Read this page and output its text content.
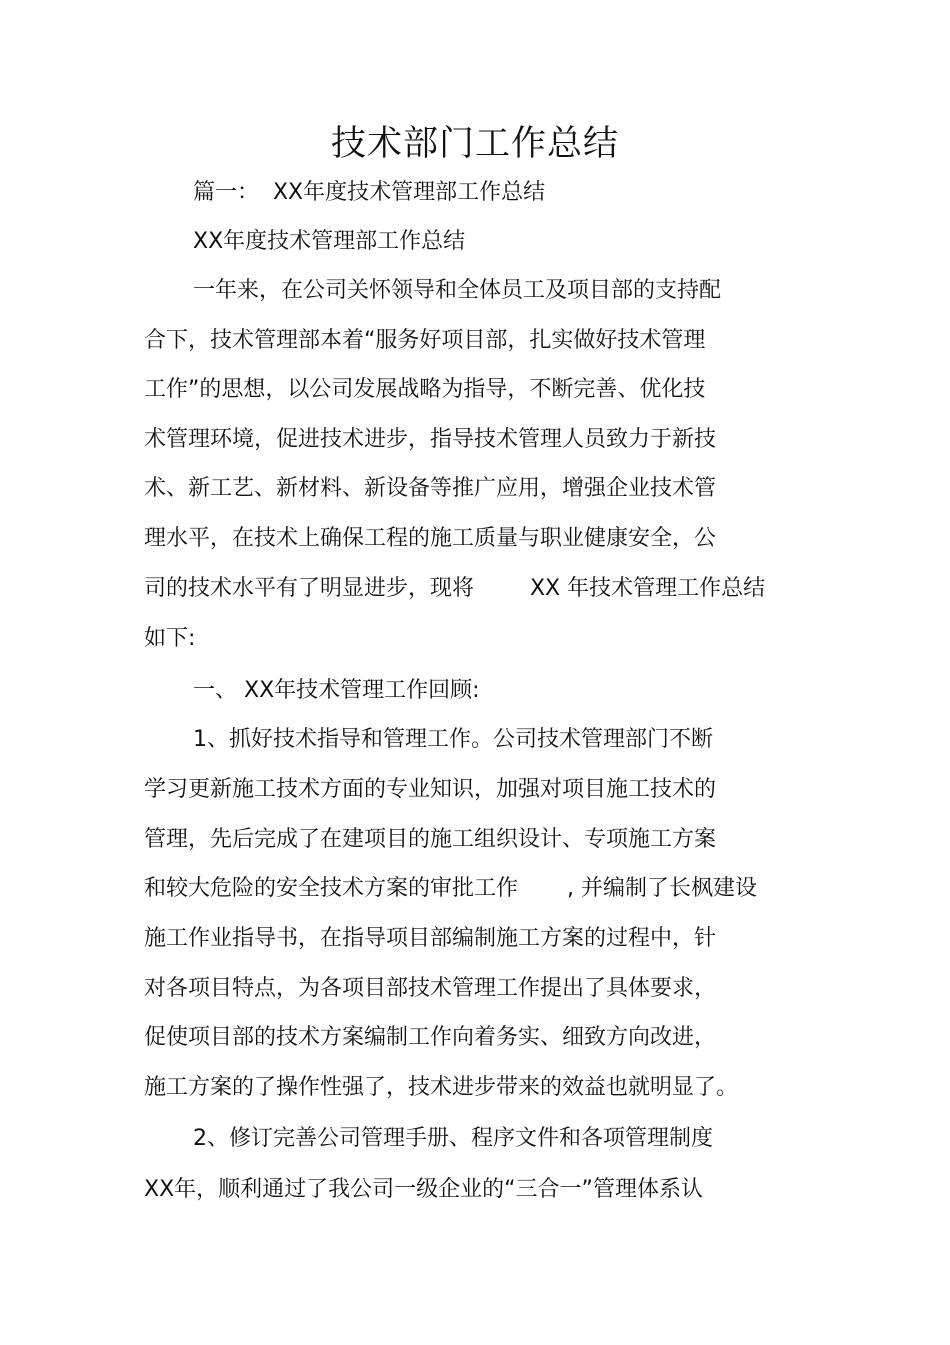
技术部门工作总结

篇一：  XX年度技术管理部工作总结

XX年度技术管理部工作总结

一年来，在公司关怀领导和全体员工及项目部的支持配

合下，技术管理部本着“服务好项目部，扎实做好技术管理

工作”的思想，以公司发展战略为指导，不断完善、优化技

术管理环境，促进技术进步，指导技术管理人员致力于新技

术、新工艺、新材料、新设备等推广应用，增强企业技术管

理水平，在技术上确保工程的施工质量与职业健康安全，公

司的技术水平有了明显进步，现将        XX 年技术管理工作总结

如下:

一、 XX年技术管理工作回顾:

1、抓好技术指导和管理工作。公司技术管理部门不断

学习更新施工技术方面的专业知识，加强对项目施工技术的

管理，先后完成了在建项目的施工组织设计、专项施工方案

和较大危险的安全技术方案的审批工作       , 并编制了长枫建设

施工作业指导书，在指导项目部编制施工方案的过程中，针

对各项目特点，为各项目部技术管理工作提出了具体要求，

促使项目部的技术方案编制工作向着务实、细致方向改进，

施工方案的了操作性强了，技术进步带来的效益也就明显了。

2、修订完善公司管理手册、程序文件和各项管理制度

XX年，顺利通过了我公司一级企业的“三合一”管理体系认
